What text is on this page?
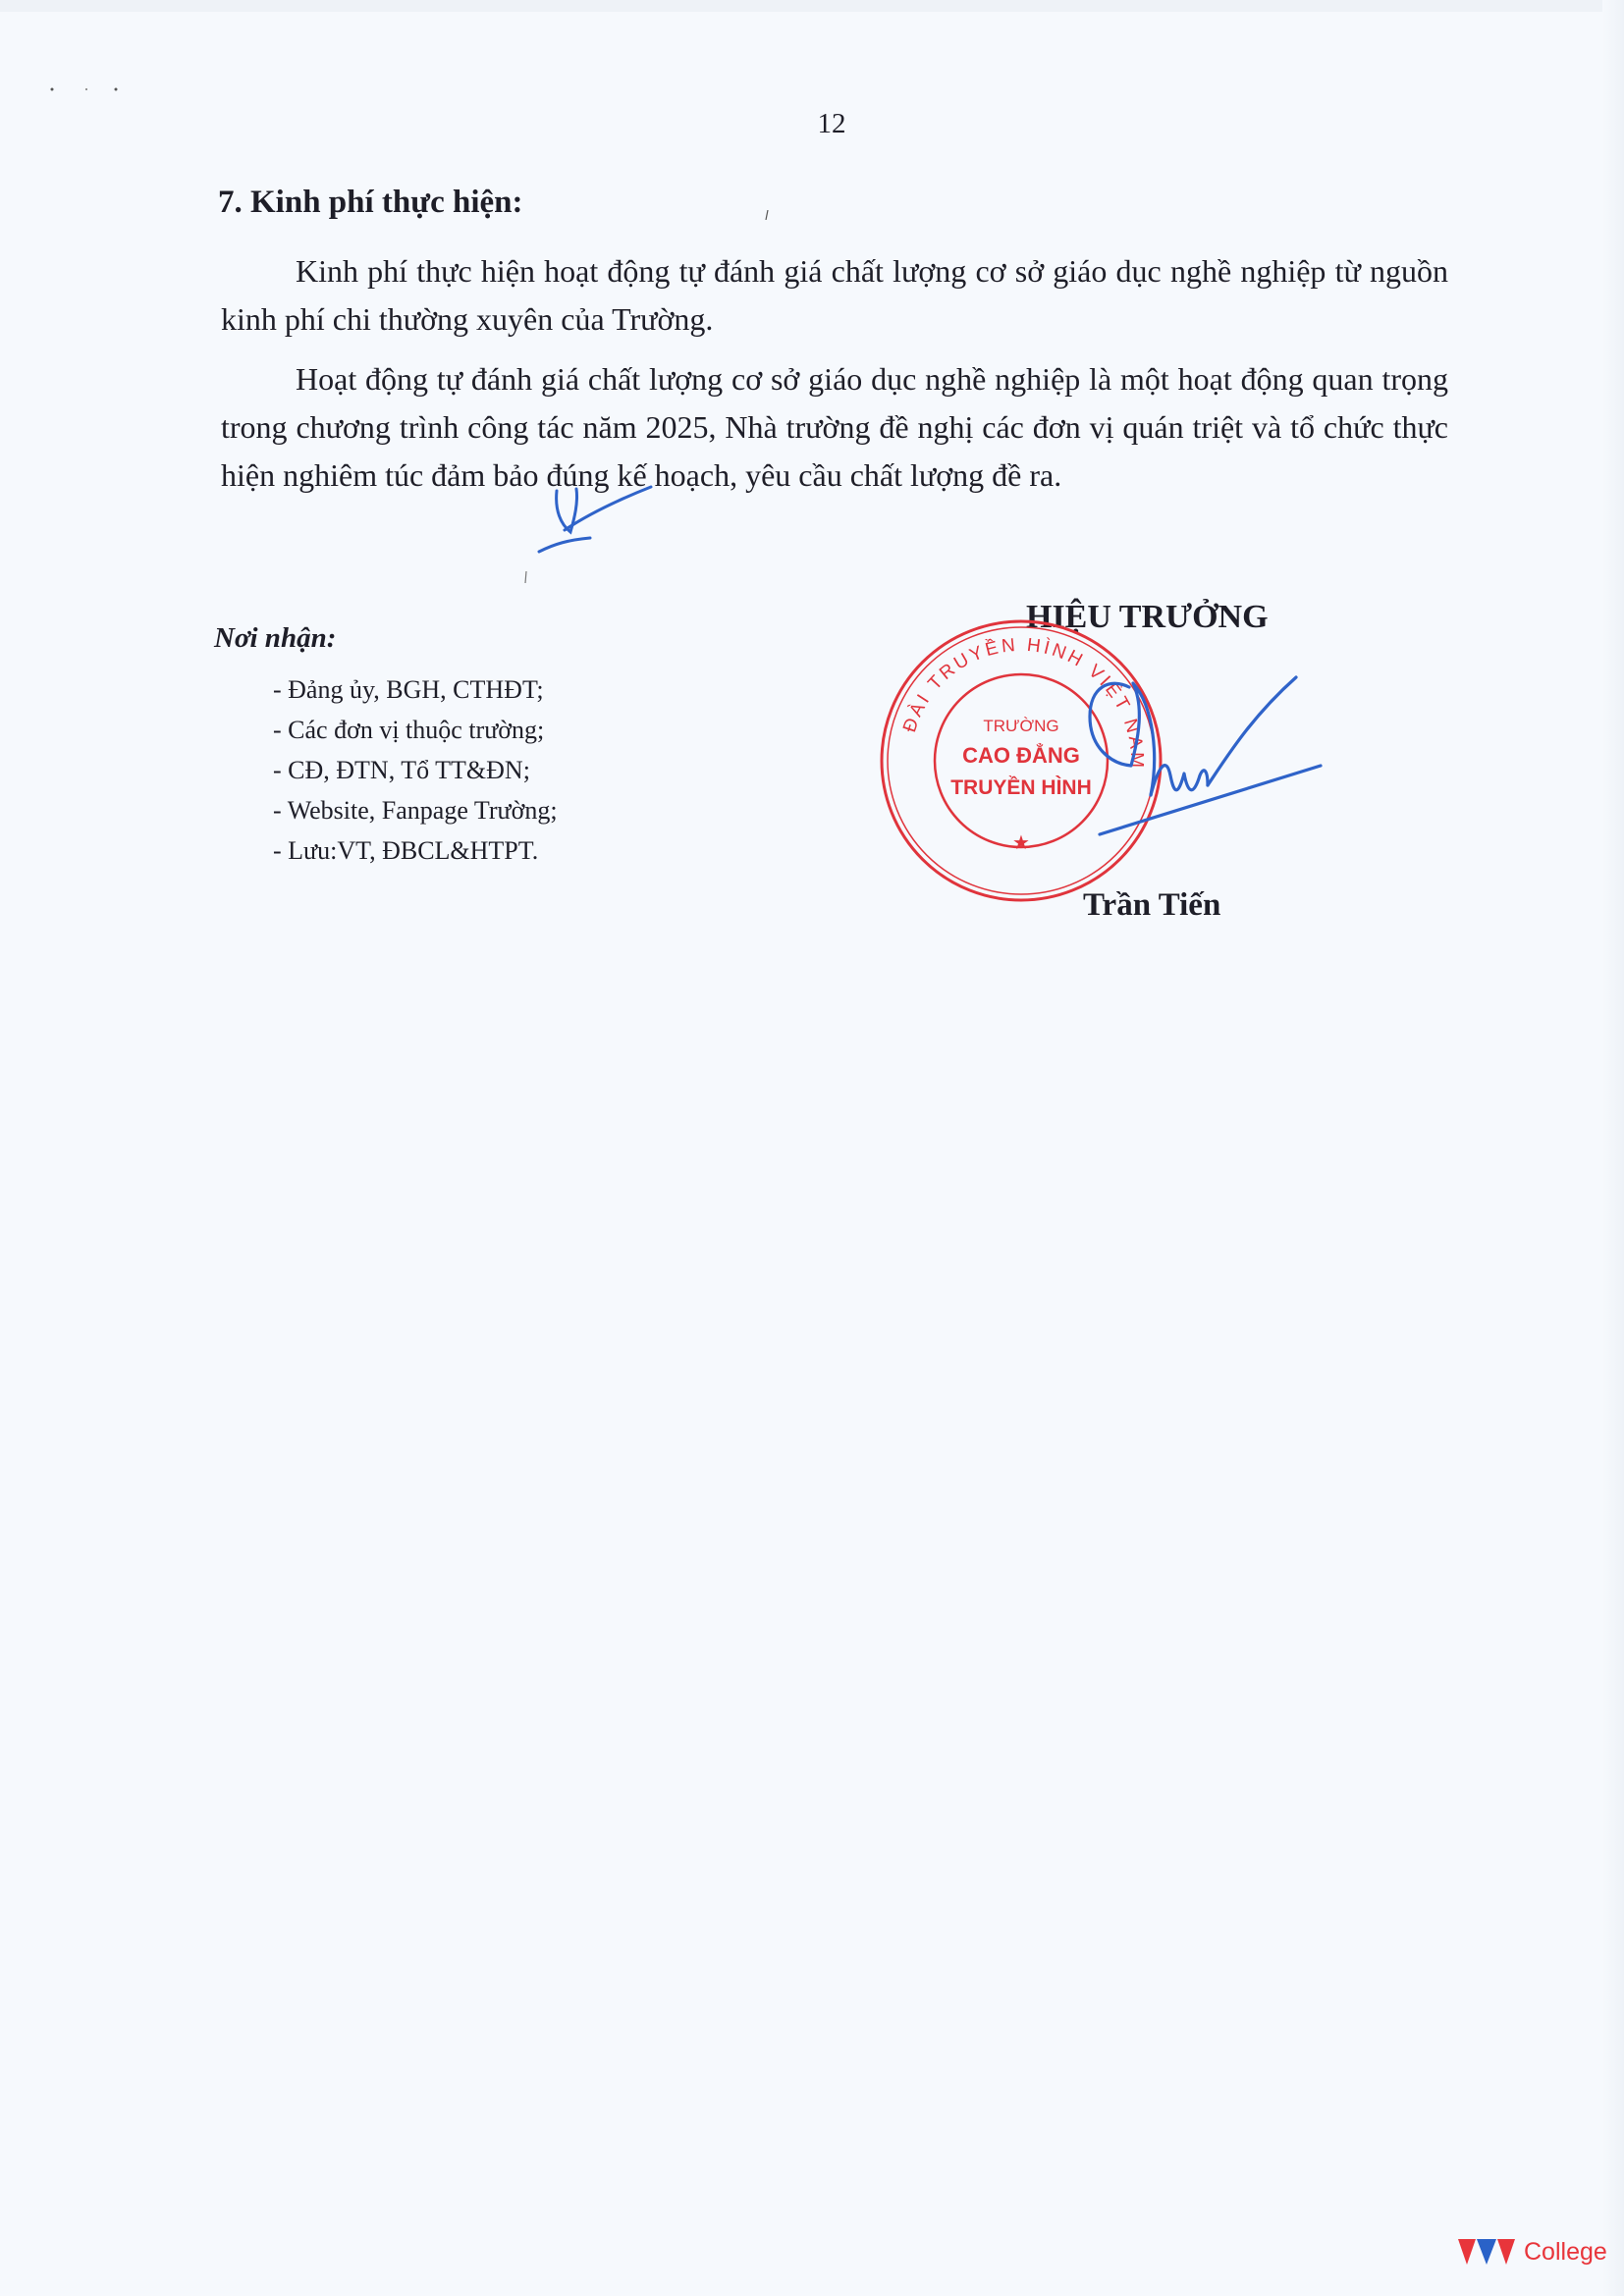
12
7. Kinh phí thực hiện:

Kinh phí thực hiện hoạt động tự đánh giá chất lượng cơ sở giáo dục nghề nghiệp từ nguồn kinh phí chi thường xuyên của Trường.

Hoạt động tự đánh giá chất lượng cơ sở giáo dục nghề nghiệp là một hoạt động quan trọng trong chương trình công tác năm 2025, Nhà trường đề nghị các đơn vị quán triệt và tổ chức thực hiện nghiêm túc đảm bảo đúng kế hoạch, yêu cầu chất lượng đề ra.

Nơi nhận:
- Đảng ủy, BGH, CTHĐT;
- Các đơn vị thuộc trường;
- CĐ, ĐTN, Tổ TT&ĐN;
- Website, Fanpage Trường;
- Lưu:VT, ĐBCL&HTPT.
HIỆU TRƯỞNG
ĐÀI TRUYỀN HÌNH VIỆT NAM
★
TRƯỜNG
CAO ĐẲNG
TRUYỀN HÌNH
Trần Tiến
College
